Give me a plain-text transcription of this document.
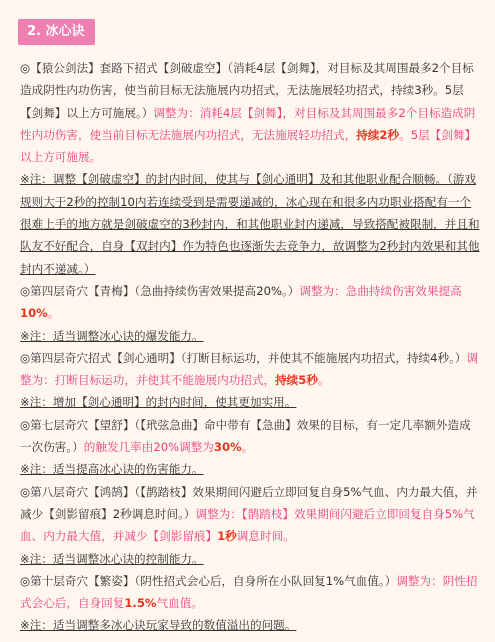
2. 冰心诀

◎【猿公剑法】套路下招式【剑破虚空】（消耗4层【剑舞】，对目标及其周围最多2个目标造成阴性内功伤害，使当前目标无法施展内功招式，无法施展轻功招式，持续3秒。5层【剑舞】以上方可施展。）调整为：消耗4层【剑舞】，对目标及其周围最多2个目标造成阴性内功伤害，使当前目标无法施展内功招式，无法施展轻功招式，持续2秒。5层【剑舞】以上方可施展。

※注：调整【剑破虚空】的封内时间，使其与【剑心通明】及和其他职业配合顺畅。（游戏规则大于2秒的控制10内若连续受到是需要递减的，冰心现在和很多内功职业搭配有一个很难上手的地方就是剑破虚空的3秒封内，和其他职业封内递减，导致搭配被限制，并且和队友不好配合，自身【双封内】作为特色也逐渐失去竞争力，故调整为2秒封内效果和其他封内不递减。）

◎第四层奇穴【青梅】（急曲持续伤害效果提高20%。）调整为：急曲持续伤害效果提高10%。

※注：适当调整冰心诀的爆发能力。

◎第四层奇穴招式【剑心通明】（打断目标运功，并使其不能施展内功招式，持续4秒。）调整为：打断目标运功，并使其不能施展内功招式，持续5秒。

※注：增加【剑心通明】的封内时间，使其更加实用。

◎第七层奇穴【望舒】（【玳弦急曲】命中带有【急曲】效果的目标，有一定几率额外造成一次伤害。）的触发几率由20%调整为30%。

※注：适当提高冰心诀的伤害能力。

◎第八层奇穴【鸿鹄】（【鹊踏枝】效果期间闪避后立即回复自身5%气血、内力最大值，并减少【剑影留痕】2秒调息时间。）调整为：【鹊踏枝】效果期间闪避后立即回复自身5%气血、内力最大值，并减少【剑影留痕】1秒调息时间。

※注：适当调整冰心诀的控制能力。

◎第十层奇穴【繁姿】（阴性招式会心后，自身所在小队回复1%气血值。）调整为：阴性招式会心后，自身回复1.5%气血值。

※注：适当调整多冰心诀玩家导致的数值溢出的问题。
